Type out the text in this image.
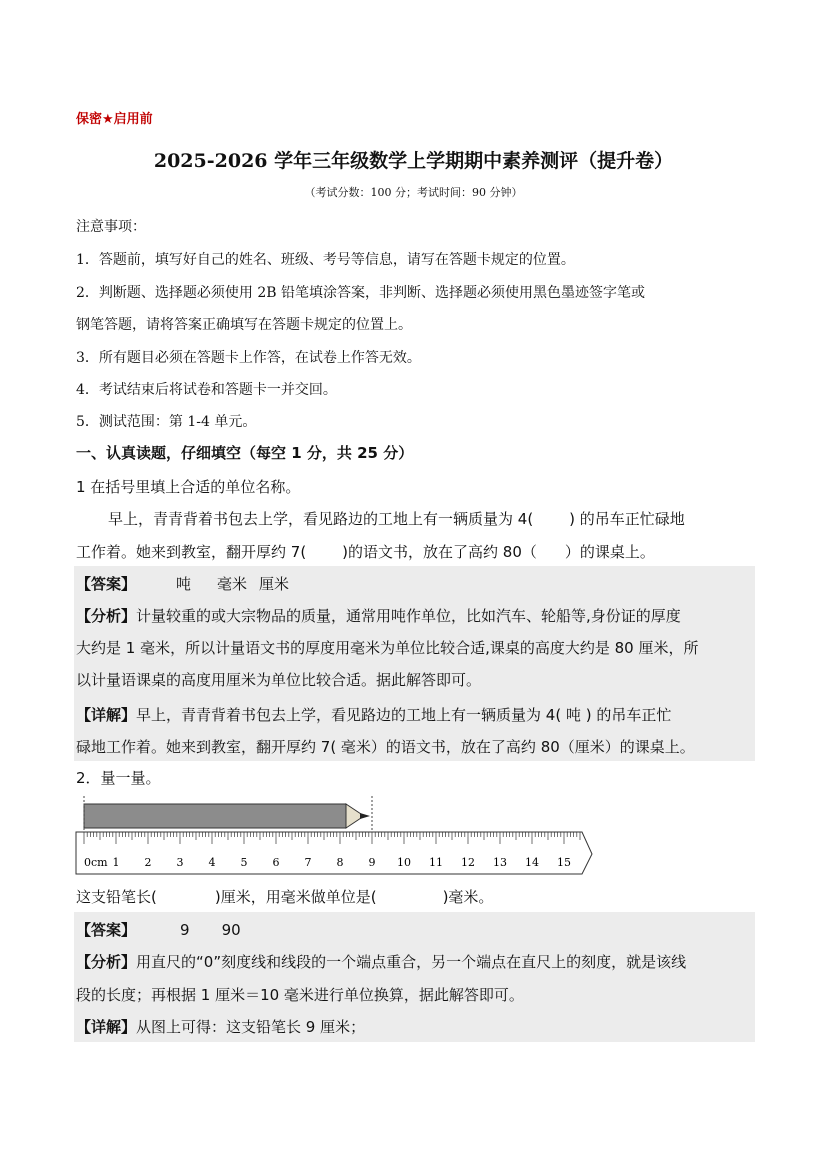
保密★启用前
2025-2026 学年三年级数学上学期期中素养测评（提升卷）
（考试分数：100 分；考试时间：90 分钟）
注意事项：
1．答题前，填写好自己的姓名、班级、考号等信息，请写在答题卡规定的位置。
2．判断题、选择题必须使用 2B 铅笔填涂答案，非判断、选择题必须使用黑色墨迹签字笔或
钢笔答题，请将答案正确填写在答题卡规定的位置上。
3．所有题目必须在答题卡上作答，在试卷上作答无效。
4．考试结束后将试卷和答题卡一并交回。
5．测试范围：第 1-4 单元。
一、认真读题，仔细填空（每空 1 分，共 25 分）
1 在括号里填上合适的单位名称。
早上，青青背着书包去上学，看见路边的工地上有一辆质量为 4( ) 的吊车正忙碌地
工作着。她来到教室，翻开厚约 7( )的语文书，放在了高约 80（ ）的课桌上。
【答案】	吨 毫米 厘米
【分析】计量较重的或大宗物品的质量，通常用吨作单位，比如汽车、轮船等,身份证的厚度
大约是 1 毫米，所以计量语文书的厚度用毫米为单位比较合适,课桌的高度大约是 80 厘米，所
以计量语课桌的高度用厘米为单位比较合适。据此解答即可。
【详解】早上，青青背着书包去上学，看见路边的工地上有一辆质量为 4( 吨 ) 的吊车正忙
碌地工作着。她来到教室，翻开厚约 7( 毫米）的语文书，放在了高约 80（厘米）的课桌上。
2．量一量。
0cm 1 2 3 4 5 6 7 8 9 10 11 12 13 14 15
这支铅笔长(	)厘米，用毫米做单位是(	)毫米。
【答案】	9 90
【分析】用直尺的“0”刻度线和线段的一个端点重合，另一个端点在直尺上的刻度，就是该线
段的长度；再根据 1 厘米＝10 毫米进行单位换算，据此解答即可。
【详解】从图上可得：这支铅笔长 9 厘米；
